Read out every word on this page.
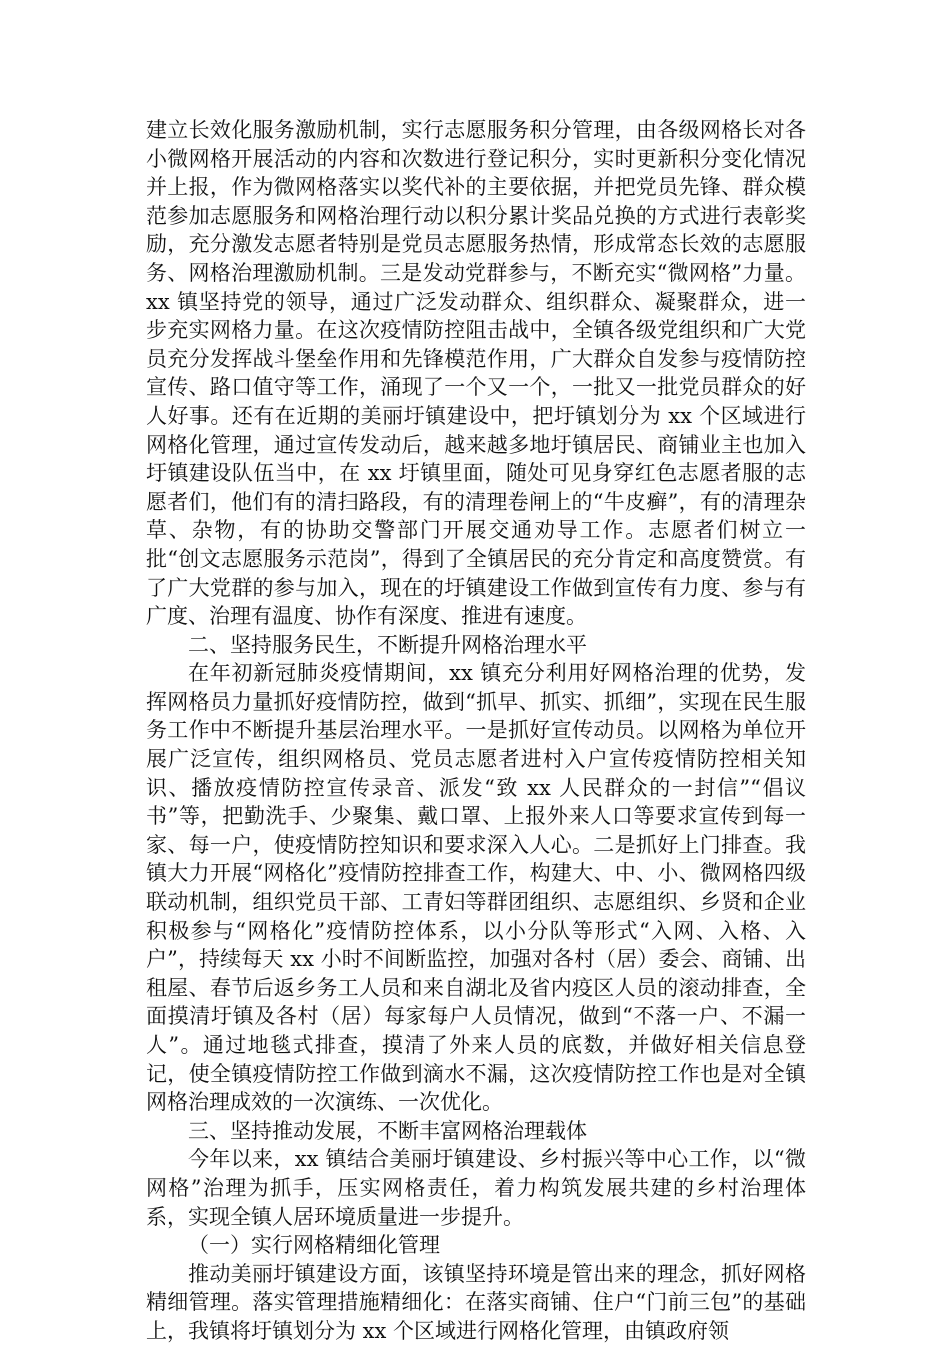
建立长效化服务激励机制，实行志愿服务积分管理，由各级网格长对各小微网格开展活动的内容和次数进行登记积分，实时更新积分变化情况并上报，作为微网格落实以奖代补的主要依据，并把党员先锋、群众模范参加志愿服务和网格治理行动以积分累计奖品兑换的方式进行表彰奖励，充分激发志愿者特别是党员志愿服务热情，形成常态长效的志愿服务、网格治理激励机制。三是发动党群参与，不断充实“微网格”力量。xx 镇坚持党的领导，通过广泛发动群众、组织群众、凝聚群众，进一步充实网格力量。在这次疫情防控阻击战中，全镇各级党组织和广大党员充分发挥战斗堡垒作用和先锋模范作用，广大群众自发参与疫情防控宣传、路口值守等工作，涌现了一个又一个，一批又一批党员群众的好人好事。还有在近期的美丽圩镇建设中，把圩镇划分为 xx 个区域进行网格化管理，通过宣传发动后，越来越多地圩镇居民、商铺业主也加入圩镇建设队伍当中，在 xx 圩镇里面，随处可见身穿红色志愿者服的志愿者们，他们有的清扫路段，有的清理卷闸上的“牛皮癣”，有的清理杂草、杂物，有的协助交警部门开展交通劝导工作。志愿者们树立一批“创文志愿服务示范岗”，得到了全镇居民的充分肯定和高度赞赏。有了广大党群的参与加入，现在的圩镇建设工作做到宣传有力度、参与有广度、治理有温度、协作有深度、推进有速度。

二、坚持服务民生，不断提升网格治理水平

在年初新冠肺炎疫情期间，xx 镇充分利用好网格治理的优势，发挥网格员力量抓好疫情防控，做到“抓早、抓实、抓细”，实现在民生服务工作中不断提升基层治理水平。一是抓好宣传动员。以网格为单位开展广泛宣传，组织网格员、党员志愿者进村入户宣传疫情防控相关知识、播放疫情防控宣传录音、派发“致 xx 人民群众的一封信”“倡议书”等，把勤洗手、少聚集、戴口罩、上报外来人口等要求宣传到每一家、每一户，使疫情防控知识和要求深入人心。二是抓好上门排查。我镇大力开展“网格化”疫情防控排查工作，构建大、中、小、微网格四级联动机制，组织党员干部、工青妇等群团组织、志愿组织、乡贤和企业积极参与“网格化”疫情防控体系，以小分队等形式“入网、入格、入户”，持续每天 xx 小时不间断监控，加强对各村（居）委会、商铺、出租屋、春节后返乡务工人员和来自湖北及省内疫区人员的滚动排查，全面摸清圩镇及各村（居）每家每户人员情况，做到“不落一户、不漏一人”。通过地毯式排查，摸清了外来人员的底数，并做好相关信息登记，使全镇疫情防控工作做到滴水不漏，这次疫情防控工作也是对全镇网格治理成效的一次演练、一次优化。

三、坚持推动发展，不断丰富网格治理载体

今年以来，xx 镇结合美丽圩镇建设、乡村振兴等中心工作，以“微网格”治理为抓手，压实网格责任，着力构筑发展共建的乡村治理体系，实现全镇人居环境质量进一步提升。

（一）实行网格精细化管理

推动美丽圩镇建设方面，该镇坚持环境是管出来的理念，抓好网格精细管理。落实管理措施精细化：在落实商铺、住户“门前三包”的基础上，我镇将圩镇划分为 xx 个区域进行网格化管理，由镇政府领
